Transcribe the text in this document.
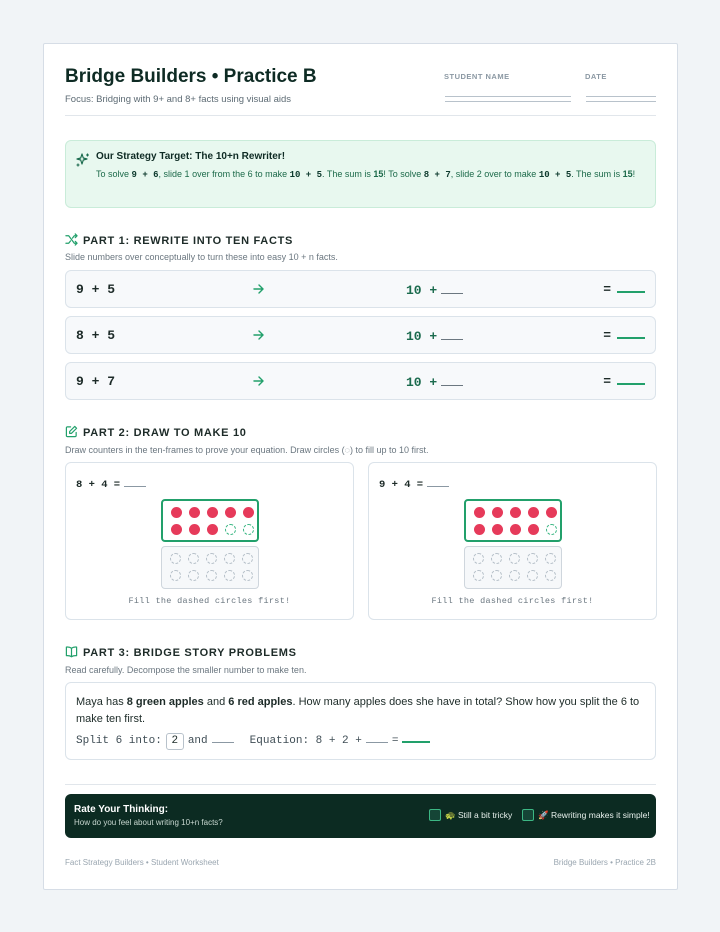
Bridge Builders • Practice B
Focus: Bridging with 9+ and 8+ facts using visual aids
STUDENT NAME	DATE
Our Strategy Target: The 10+n Rewriter!
To solve 9 + 6, slide 1 over from the 6 to make 10 + 5. The sum is 15! To solve 8 + 7, slide 2 over to make 10 + 5. The sum is 15!
PART 1: REWRITE INTO TEN FACTS
Slide numbers over conceptually to turn these into easy 10 + n facts.
9 + 5	10 +	=
8 + 5	10 +	=
9 + 7	10 +	=
PART 2: DRAW TO MAKE 10
Draw counters in the ten-frames to prove your equation. Draw circles (◌) to fill up to 10 first.
8 + 4 =
Fill the dashed circles first!
9 + 4 =
Fill the dashed circles first!
PART 3: BRIDGE STORY PROBLEMS
Read carefully. Decompose the smaller number to make ten.
Maya has 8 green apples and 6 red apples. How many apples does she have in total? Show how you split the 6 to make ten first.
Split 6 into: 2 and	Equation: 8 + 2 +	=
Rate Your Thinking:
How do you feel about writing 10+n facts?
🐢 Still a bit tricky	🚀 Rewriting makes it simple!
Fact Strategy Builders • Student Worksheet	Bridge Builders • Practice 2B
